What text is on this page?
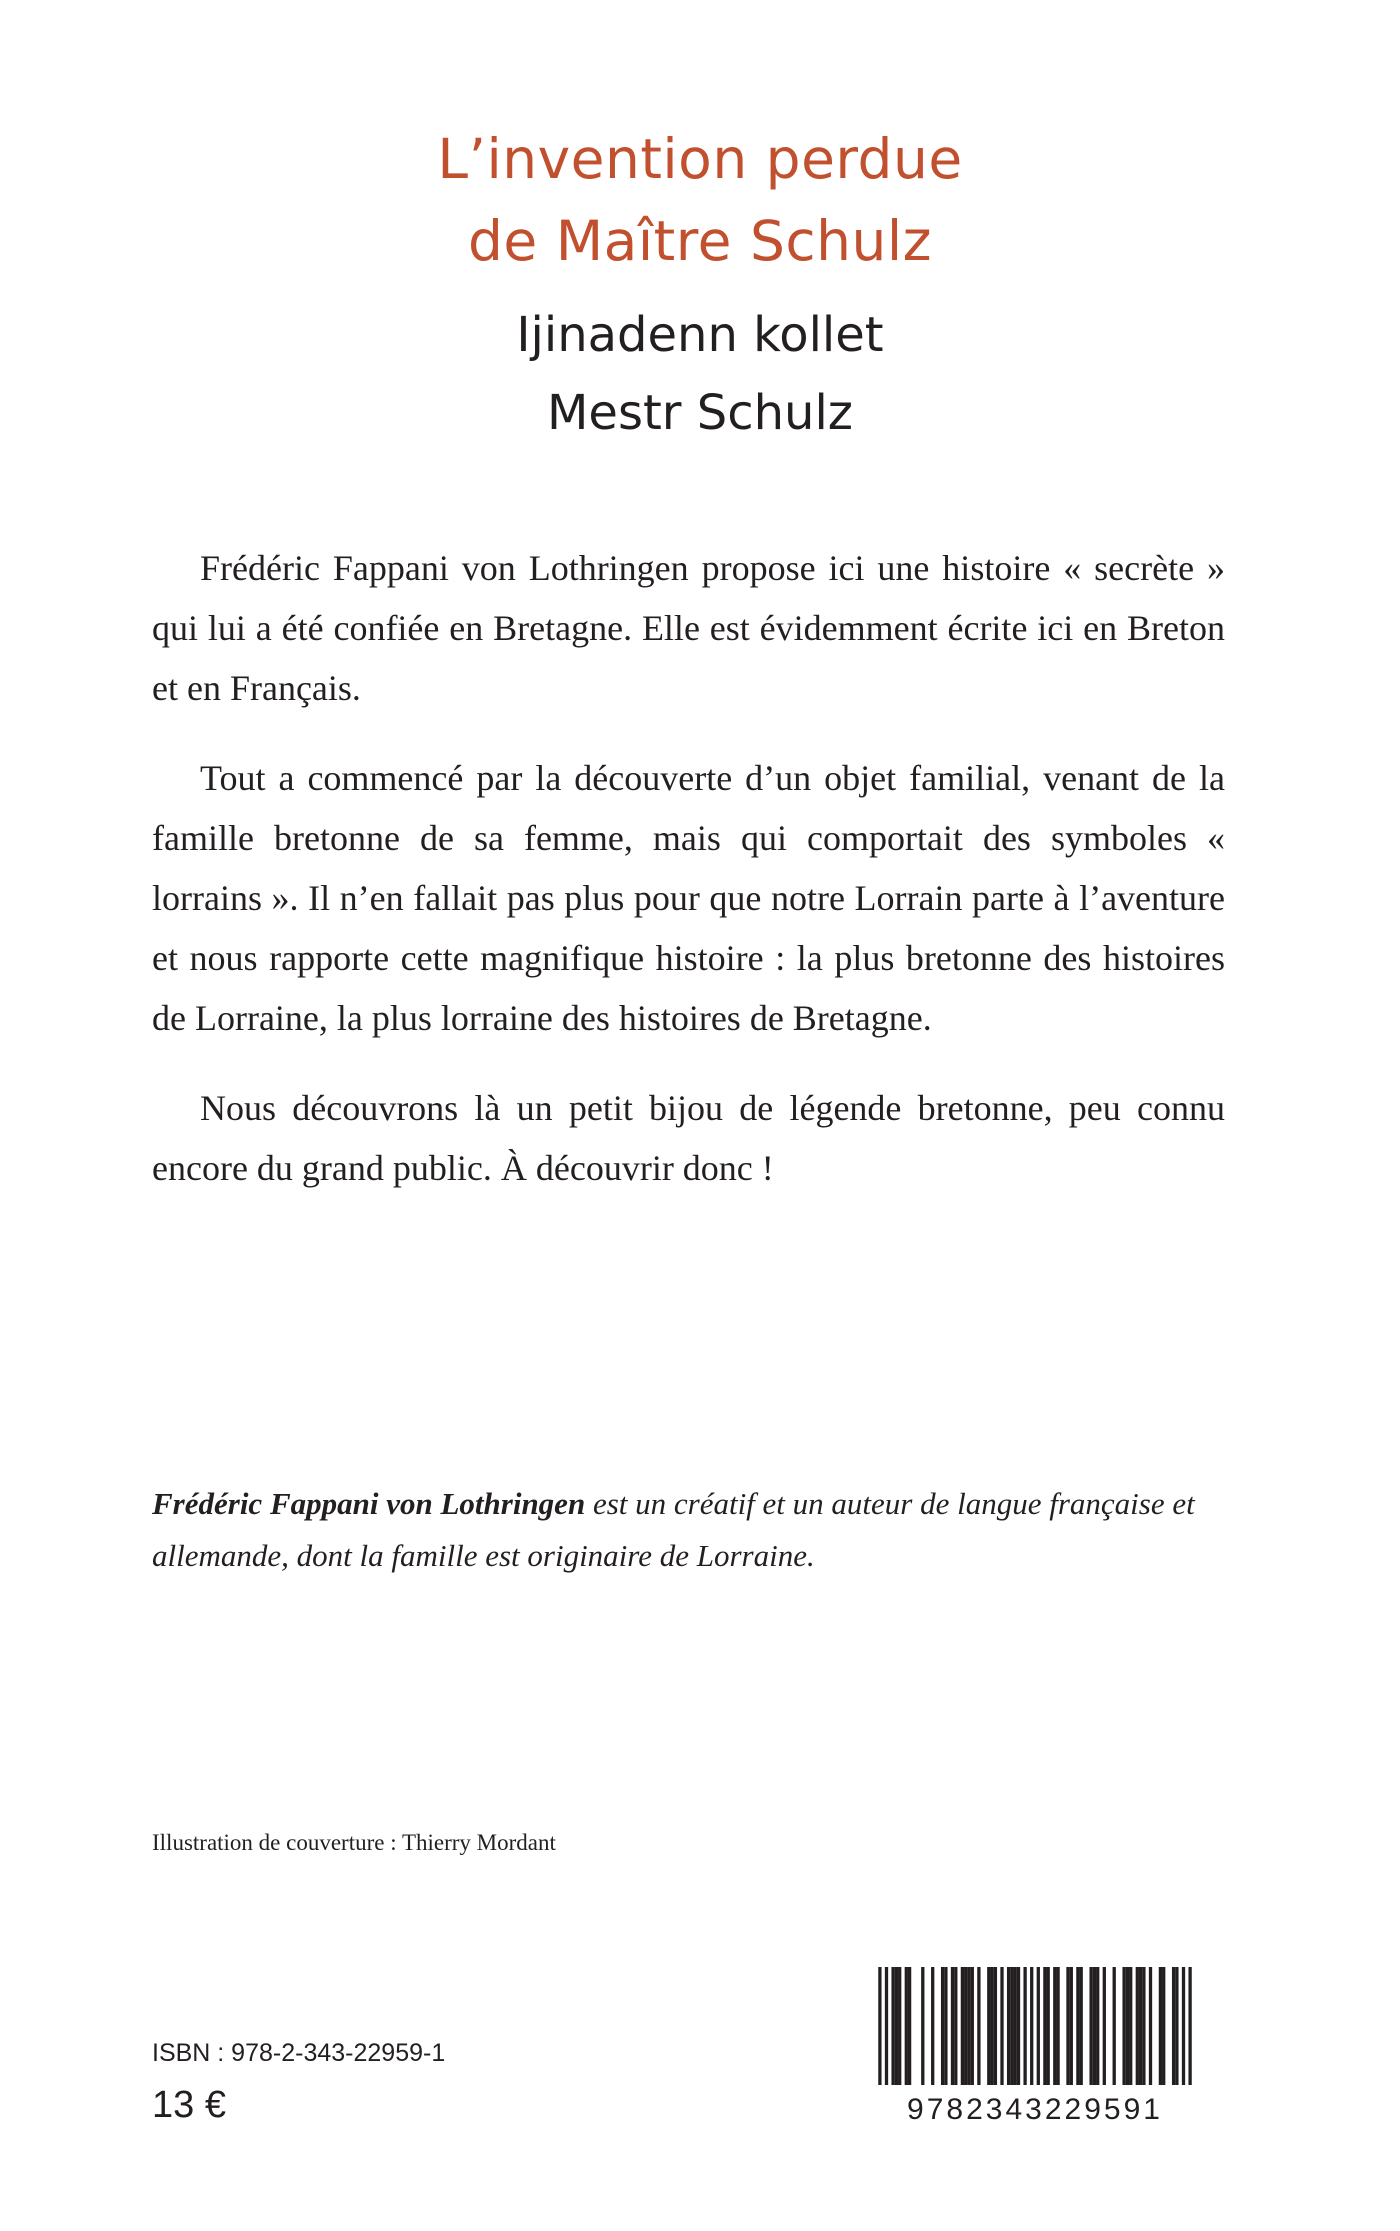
L’invention perdue
de Maître Schulz
Ijinadenn kollet
Mestr Schulz

Frédéric Fappani von Lothringen propose ici une histoire « secrète » qui lui a été confiée en Bretagne. Elle est évidemment écrite ici en Breton et en Français.

Tout a commencé par la découverte d’un objet familial, venant de la famille bretonne de sa femme, mais qui comportait des symboles « lorrains ». Il n’en fallait pas plus pour que notre Lorrain parte à l’aventure et nous rapporte cette magnifique histoire : la plus bretonne des histoires de Lorraine, la plus lorraine des histoires de Bretagne.

Nous découvrons là un petit bijou de légende bretonne, peu connu encore du grand public. À découvrir donc !

Frédéric Fappani von Lothringen est un créatif et un auteur de langue française et allemande, dont la famille est originaire de Lorraine.
Illustration de couverture : Thierry Mordant
ISBN : 978-2-343-22959-1
13 €	9782343229591
